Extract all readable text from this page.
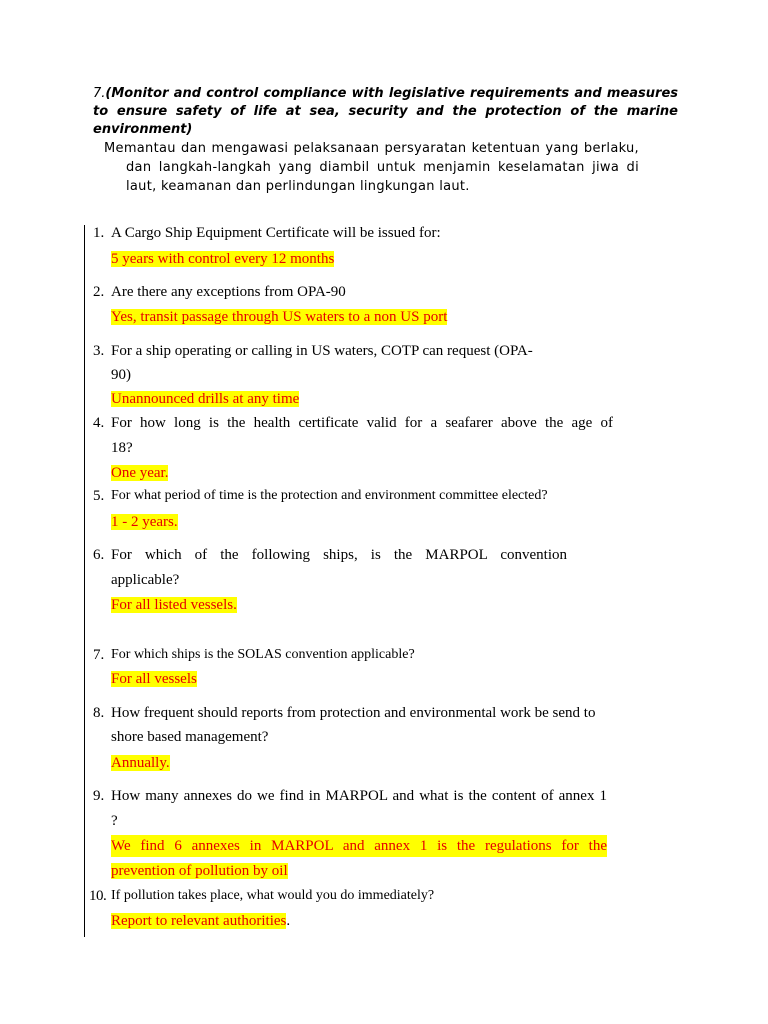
7.(Monitor and control compliance with legislative requirements and measures to ensure safety of life at sea, security and the protection of the marine environment)
Memantau dan mengawasi pelaksanaan persyaratan ketentuan yang berlaku, dan langkah-langkah yang diambil untuk menjamin keselamatan jiwa di laut, keamanan dan perlindungan lingkungan laut.
1. A Cargo Ship Equipment Certificate will be issued for:
5 years with control every 12 months
2. Are there any exceptions from OPA-90
Yes, transit passage through US waters to a non US port
3. For a ship operating or calling in US waters, COTP can request (OPA-
90)
Unannounced drills at any time
4. For how long is the health certificate valid for a seafarer above the age of
18?
One year.
5. For what period of time is the protection and environment committee elected?
1 - 2 years.
6. For which of the following ships, is the MARPOL convention
applicable?
For all listed vessels.
7. For which ships is the SOLAS convention applicable?
For all vessels
8. How frequent should reports from protection and environmental work be send to
shore based management?
Annually.
9. How many annexes do we find in MARPOL and what is the content of annex 1
?
We find 6 annexes in MARPOL and annex 1 is the regulations for the
prevention of pollution by oil
10. If pollution takes place, what would you do immediately?
Report to relevant authorities.
